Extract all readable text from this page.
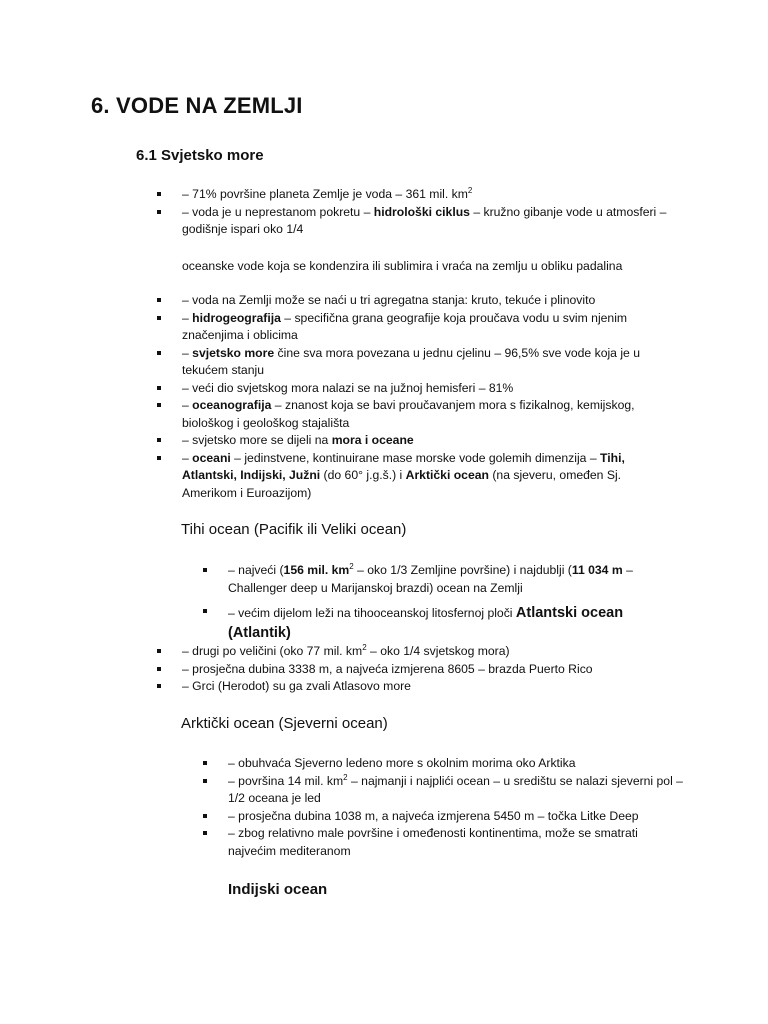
6. VODE NA ZEMLJI
6.1 Svjetsko more
– 71% površine planeta Zemlje je voda – 361 mil. $km^2$
– voda je u neprestanom pokretu – hidrološki ciklus – kružno gibanje vode u atmosferi – godišnje ispari oko 1/4
oceanske vode koja se kondenzira ili sublimira i vraća na zemlju u obliku padalina
– voda na Zemlji može se naći u tri agregatna stanja: kruto, tekuće i plinovito
– hidrogeografija – specifična grana geografije koja proučava vodu u svim njenim značenjima i oblicima
– svjetsko more čine sva mora povezana u jednu cjelinu – 96,5% sve vode koja je u tekućem stanju
– veći dio svjetskog mora nalazi se na južnoj hemisferi – 81%
– oceanografija – znanost koja se bavi proučavanjem mora s fizikalnog, kemijskog, biološkog i geološkog stajališta
– svjetsko more se dijeli na mora i oceane
– oceani – jedinstvene, kontinuirane mase morske vode golemih dimenzija – Tihi, Atlantski, Indijski, Južni (do 60° j.g.š.) i Arktički ocean (na sjeveru, omeđen Sj. Amerikom i Euroazijom)
Tihi ocean (Pacifik ili Veliki ocean)
– najveći (156 mil. $km^2$ – oko 1/3 Zemljine površine) i najdublji (11 034 m – Challenger deep u Marijanskoj brazdi) ocean na Zemlji
– većim dijelom leži na tihooceanskoj litosfernoj ploči Atlantski ocean (Atlantik)
– drugi po veličini (oko 77 mil. $km^2$ – oko 1/4 svjetskog mora)
– prosječna dubina 3338 m, a najveća izmjerena 8605 – brazda Puerto Rico
– Grci (Herodot) su ga zvali Atlasovo more
Arktički ocean (Sjeverni ocean)
– obuhvaća Sjeverno ledeno more s okolnim morima oko Arktika
– površina 14 mil. $km^2$ – najmanji i najplići ocean – u središtu se nalazi sjeverni pol – 1/2 oceana je led
– prosječna dubina 1038 m, a najveća izmjerena 5450 m – točka Litke Deep
– zbog relativno male površine i omeđenosti kontinentima, može se smatrati najvećim mediteranom
Indijski ocean
